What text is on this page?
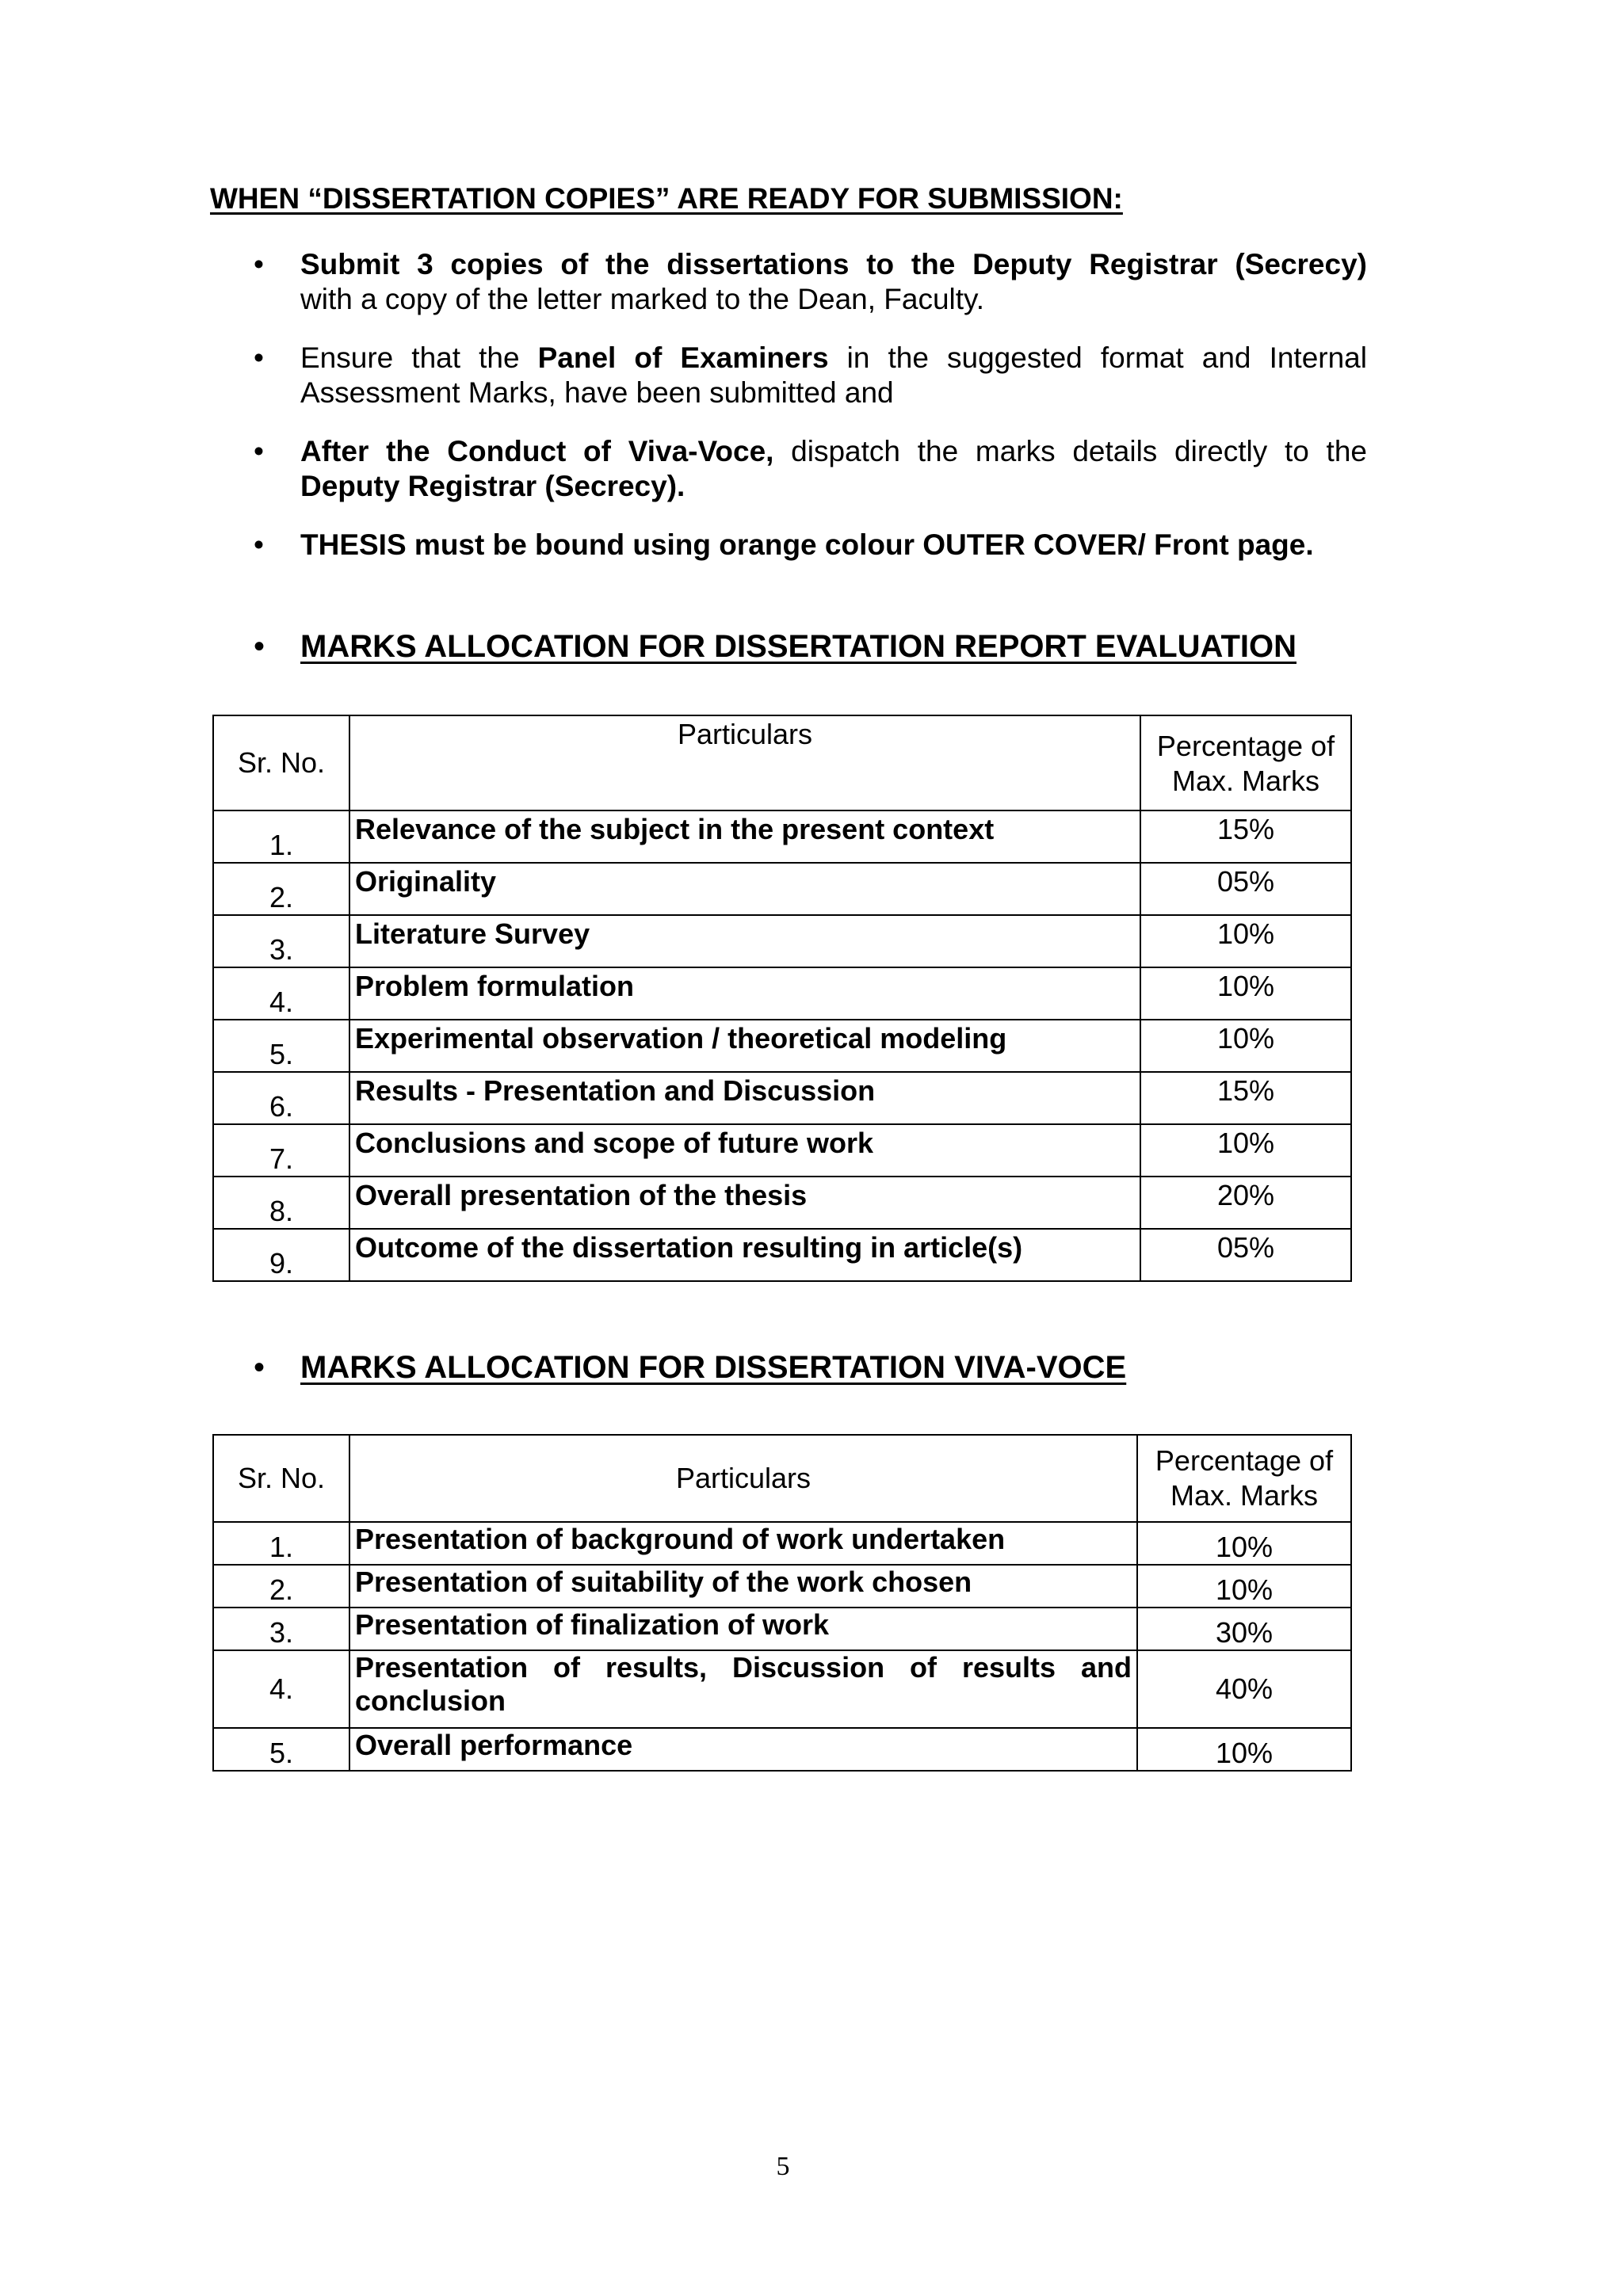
WHEN “DISSERTATION COPIES” ARE READY FOR SUBMISSION:
• Submit 3 copies of the dissertations to the Deputy Registrar (Secrecy)
with a copy of the letter marked to the Dean, Faculty.
• Ensure that the Panel of Examiners in the suggested format and Internal
Assessment Marks, have been submitted and
• After the Conduct of Viva-Voce, dispatch the marks details directly to the
Deputy Registrar (Secrecy).
• THESIS must be bound using orange colour OUTER COVER/ Front page.
• MARKS ALLOCATION FOR DISSERTATION REPORT EVALUATION
Sr. No.	Particulars	Percentage of
Max. Marks
1.	Relevance of the subject in the present context	15%
2.	Originality	05%
3.	Literature Survey	10%
4.	Problem formulation	10%
5.	Experimental observation / theoretical modeling	10%
6.	Results - Presentation and Discussion	15%
7.	Conclusions and scope of future work	10%
8.	Overall presentation of the thesis	20%
9.	Outcome of the dissertation resulting in article(s)	05%
• MARKS ALLOCATION FOR DISSERTATION VIVA-VOCE
Sr. No.	Particulars	Percentage of
Max. Marks
1.	Presentation of background of work undertaken	10%
2.	Presentation of suitability of the work chosen	10%
3.	Presentation of finalization of work	30%
4.	Presentation of results, Discussion of results and
conclusion	40%
5.	Overall performance	10%
5
